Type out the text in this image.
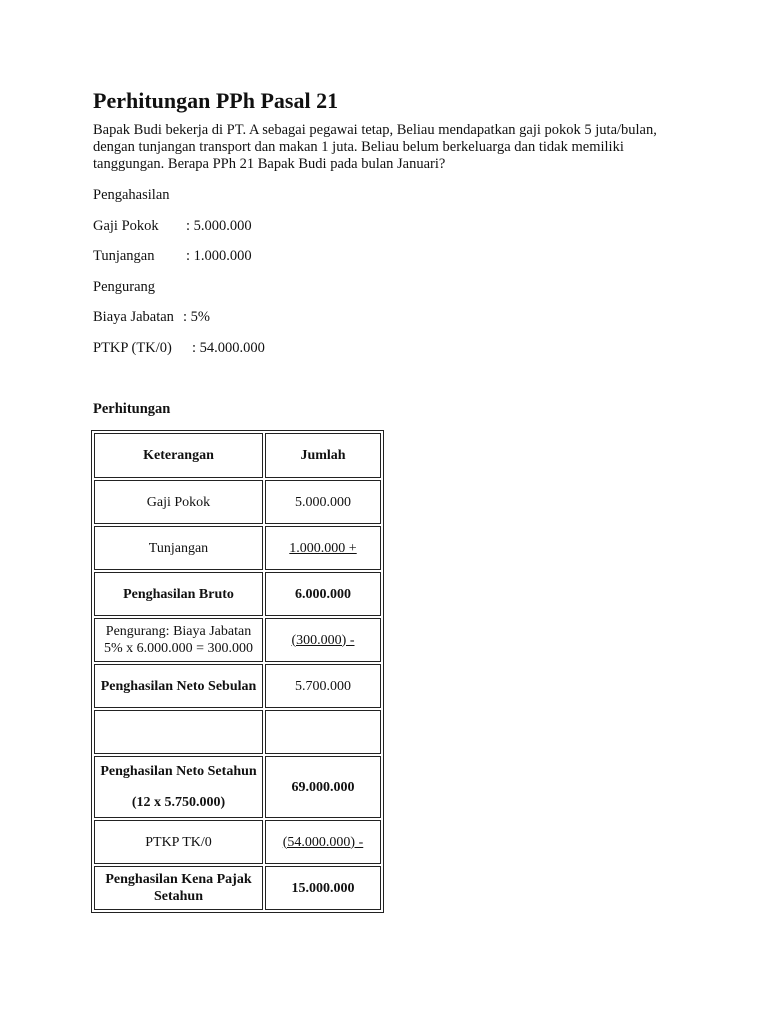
Perhitungan PPh Pasal 21

Bapak Budi bekerja di PT. A sebagai pegawai tetap, Beliau mendapatkan gaji pokok 5 juta/bulan, dengan tunjangan transport dan makan 1 juta. Beliau belum berkeluarga dan tidak memiliki tanggungan. Berapa PPh 21 Bapak Budi pada bulan Januari?

Pengahasilan
Gaji Pokok : 5.000.000
Tunjangan : 1.000.000
Pengurang
Biaya Jabatan : 5%
PTKP (TK/0) : 54.000.000
Perhitungan
Keterangan	Jumlah
Gaji Pokok	5.000.000
Tunjangan	1.000.000 +
Penghasilan Bruto	6.000.000
Pengurang: Biaya Jabatan
5% x 6.000.000 = 300.000	(300.000) -
Penghasilan Neto Sebulan	5.700.000

Penghasilan Neto Setahun
(12 x 5.750.000)	69.000.000
PTKP TK/0	(54.000.000) -
Penghasilan Kena Pajak Setahun	15.000.000
